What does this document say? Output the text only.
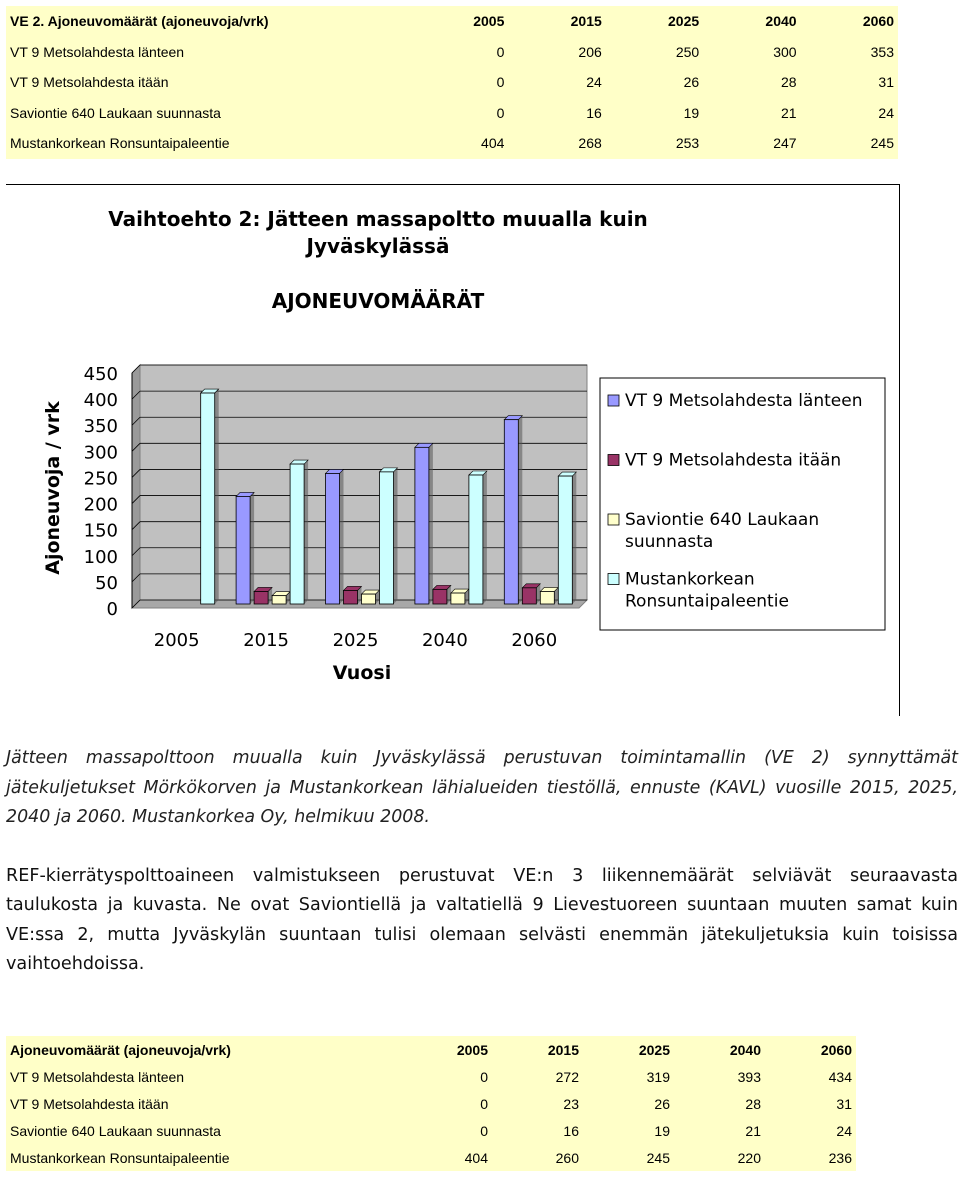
VE 2. Ajoneuvomäärät (ajoneuvoja/vrk)	2005	2015	2025	2040	2060
VT 9 Metsolahdesta länteen	0	206	250	300	353
VT 9 Metsolahdesta itään	0	24	26	28	31
Saviontie 640 Laukaan suunnasta	0	16	19	21	24
Mustankorkean Ronsuntaipaleentie	404	268	253	247	245
Vaihtoehto 2: Jätteen massapoltto muualla kuin
Jyväskylässä
AJONEUVOMÄÄRÄT
0
50
100
150
200
250
300
350
400
450
2005 2015 2025 2040 2060
Ajoneuvoja / vrk
Vuosi
VT 9 Metsolahdesta länteen
VT 9 Metsolahdesta itään
Saviontie 640 Laukaan suunnasta
Mustankorkean Ronsuntaipaleentie
Jätteen massapolttoon muualla kuin Jyväskylässä perustuvan toimintamallin (VE 2) synnyttämät jätekuljetukset Mörkökorven ja Mustankorkean lähialueiden tiestöllä, ennuste (KAVL) vuosille 2015, 2025, 2040 ja 2060. Mustankorkea Oy, helmikuu 2008.
REF-kierrätyspolttoaineen valmistukseen perustuvat VE:n 3 liikennemäärät selviävät seuraavasta taulukosta ja kuvasta. Ne ovat Saviontiellä ja valtatiellä 9 Lievestuoreen suuntaan muuten samat kuin VE:ssa 2, mutta Jyväskylän suuntaan tulisi olemaan selvästi enemmän jätekuljetuksia kuin toisissa vaihtoehdoissa.
Ajoneuvomäärät (ajoneuvoja/vrk)	2005	2015	2025	2040	2060
VT 9 Metsolahdesta länteen	0	272	319	393	434
VT 9 Metsolahdesta itään	0	23	26	28	31
Saviontie 640 Laukaan suunnasta	0	16	19	21	24
Mustankorkean Ronsuntaipaleentie	404	260	245	220	236
